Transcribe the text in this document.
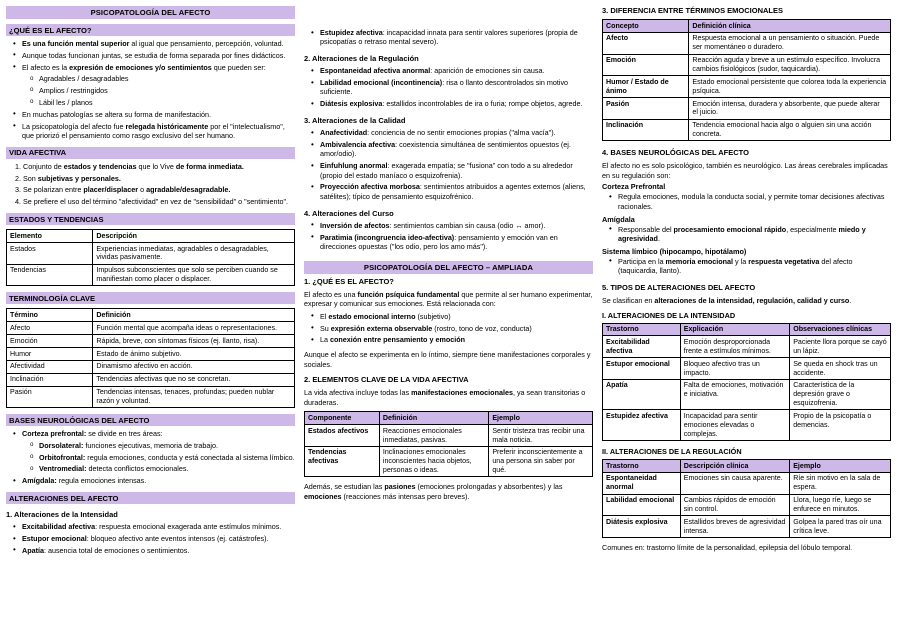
PSICOPATOLOGÍA DEL AFECTO
¿QUÉ ES EL AFECTO?
• Es una función mental superior al igual que pensamiento, percepción, voluntad.
• Aunque todas funcionan juntas, se estudia de forma separada por fines didácticos.
• El afecto es la expresión de emociones y/o sentimientos que pueden ser:
o Agradables / desagradables
o Amplios / restringidos
o Lábil les / planos
• En muchas patologías se altera su forma de manifestación.
• La psicopatología del afecto fue relegada históricamente por el "intelectualismo", que priorizó el pensamiento como rasgo exclusivo del ser humano.
VIDA AFECTIVA
1. Conjunto de estados y tendencias que lo Vive de forma inmediata.
2. Son subjetivas y personales.
3. Se polarizan entre placer/displacer o agradable/desagradable.
4. Se prefiere el uso del término "afectividad" en vez de "sensibilidad" o "sentimiento".
ESTADOS Y TENDENCIAS
Elemento	Descripción
Estados	Experiencias inmediatas, agradables o desagradables, vividas pasivamente.
Tendencias	Impulsos subconscientes que solo se perciben cuando se manifiestan como placer o displacer.
TERMINOLOGÍA CLAVE
Término	Definición
Afecto	Función mental que acompaña ideas o representaciones.
Emoción	Rápida, breve, con síntomas físicos (ej. llanto, risa).
Humor	Estado de ánimo subjetivo.
Afectividad	Dinamismo afectivo en acción.
Inclinación	Tendencias afectivas que no se concretan.
Pasión	Tendencias intensas, tenaces, profundas; pueden nublar razón y voluntad.
BASES NEUROLÓGICAS DEL AFECTO
• Corteza prefrontal: se divide en tres áreas:
o Dorsolateral: funciones ejecutivas, memoria de trabajo.
o Orbitofrontal: regula emociones, conducta y está conectada al sistema límbico.
o Ventromedial: detecta conflictos emocionales.
• Amígdala: regula emociones intensas.
ALTERACIONES DEL AFECTO
1. Alteraciones de la Intensidad
• Excitabilidad afectiva: respuesta emocional exagerada ante estímulos mínimos.
• Estupor emocional: bloqueo afectivo ante eventos intensos (ej. catástrofes).
• Apatía: ausencia total de emociones o sentimientos.
• Estupidez afectiva: incapacidad innata para sentir valores superiores (propia de psicopatías o retraso mental severo).
2. Alteraciones de la Regulación
• Espontaneidad afectiva anormal: aparición de emociones sin causa.
• Labilidad emocional (incontinencia): risa o llanto descontrolados sin motivo suficiente.
• Diátesis explosiva: estallidos incontrolables de ira o furia; rompe objetos, agrede.
3. Alteraciones de la Calidad
• Anafectividad: conciencia de no sentir emociones propias ("alma vacía").
• Ambivalencia afectiva: coexistencia simultánea de sentimientos opuestos (ej. amor/odio).
• Einfuhlung anormal: exagerada empatía; se "fusiona" con todo a su alrededor (propio del estado maníaco o esquizofrenia).
• Proyección afectiva morbosa: sentimientos atribuidos a agentes externos (aliens, satélites); típico de pensamiento esquizofrénico.
4. Alteraciones del Curso
• Inversión de afectos: sentimientos cambian sin causa (odio ↔ amor).
• Paratimia (incongruencia ideo-afectiva): pensamiento y emoción van en direcciones opuestas ("los odio, pero los amo más").
PSICOPATOLOGÍA DEL AFECTO – AMPLIADA
1. ¿QUÉ ES EL AFECTO?
El afecto es una función psíquica fundamental que permite al ser humano experimentar, expresar y comunicar sus emociones. Está relacionada con:
• El estado emocional interno (subjetivo)
• Su expresión externa observable (rostro, tono de voz, conducta)
• La conexión entre pensamiento y emoción
Aunque el afecto se experimenta en lo íntimo, siempre tiene manifestaciones corporales y sociales.
2. ELEMENTOS CLAVE DE LA VIDA AFECTIVA
La vida afectiva incluye todas las manifestaciones emocionales, ya sean transitorias o duraderas.
Componente	Definición	Ejemplo
Estados afectivos	Reacciones emocionales inmediatas, pasivas.	Sentir tristeza tras recibir una mala noticia.
Tendencias afectivas	Inclinaciones emocionales inconscientes hacia objetos, personas o ideas.	Preferir inconscientemente a una persona sin saber por qué.
Además, se estudian las pasiones (emociones prolongadas y absorbentes) y las emociones (reacciones más intensas pero breves).
3. DIFERENCIA ENTRE TÉRMINOS EMOCIONALES
Concepto	Definición clínica
Afecto	Respuesta emocional a un pensamiento o situación. Puede ser momentáneo o duradero.
Emoción	Reacción aguda y breve a un estímulo específico. Involucra cambios fisiológicos (sudor, taquicardia).
Humor / Estado de ánimo	Estado emocional persistente que colorea toda la experiencia psíquica.
Pasión	Emoción intensa, duradera y absorbente, que puede alterar el juicio.
Inclinación	Tendencia emocional hacia algo o alguien sin una acción concreta.
4. BASES NEUROLÓGICAS DEL AFECTO
El afecto no es solo psicológico, también es neurológico. Las áreas cerebrales implicadas en su regulación son:
Corteza Prefrontal
• Regula emociones, modula la conducta social, y permite tomar decisiones afectivas racionales.
Amígdala
• Responsable del procesamiento emocional rápido, especialmente miedo y agresividad.
Sistema límbico (hipocampo, hipotálamo)
• Participa en la memoria emocional y la respuesta vegetativa del afecto (taquicardia, llanto).
5. TIPOS DE ALTERACIONES DEL AFECTO
Se clasifican en alteraciones de la intensidad, regulación, calidad y curso.
I. ALTERACIONES DE LA INTENSIDAD
Trastorno	Explicación	Observaciones clínicas
Excitabilidad afectiva	Emoción desproporcionada frente a estímulos mínimos.	Paciente llora porque se cayó un lápiz.
Estupor emocional	Bloqueo afectivo tras un impacto.	Se queda en shock tras un accidente.
Apatía	Falta de emociones, motivación e iniciativa.	Característica de la depresión grave o esquizofrenia.
Estupidez afectiva	Incapacidad para sentir emociones elevadas o complejas.	Propio de la psicopatía o demencias.
II. ALTERACIONES DE LA REGULACIÓN
Trastorno	Descripción clínica	Ejemplo
Espontaneidad anormal	Emociones sin causa aparente.	Ríe sin motivo en la sala de espera.
Labilidad emocional	Cambios rápidos de emoción sin control.	Llora, luego ríe, luego se enfurece en minutos.
Diátesis explosiva	Estallidos breves de agresividad intensa.	Golpea la pared tras oír una crítica leve.
Comunes en: trastorno límite de la personalidad, epilepsia del lóbulo temporal.
